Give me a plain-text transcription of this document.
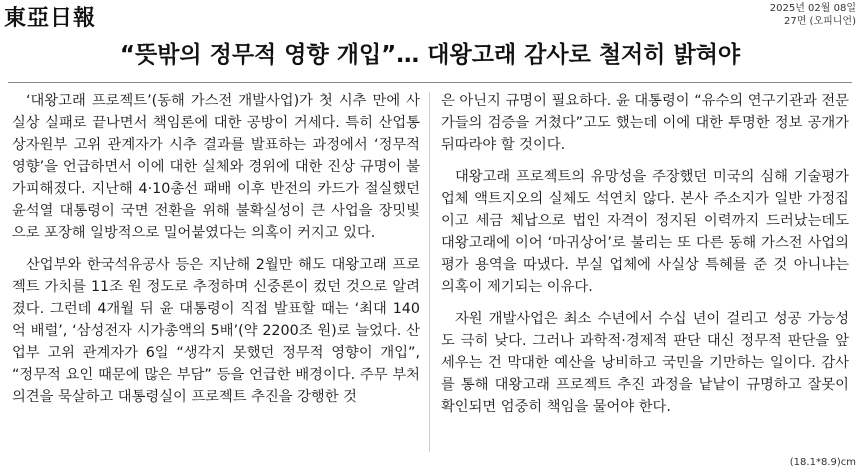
東亞日報	2025년 02월 08일
27면 (오피니언)
“뜻밖의 정무적 영향 개입”… 대왕고래 감사로 철저히 밝혀야

‘대왕고래 프로젝트’(동해 가스전 개발사업)가 첫 시추 만에 사실상 실패로 끝나면서 책임론에 대한 공방이 거세다. 특히 산업통상자원부 고위 관계자가 시추 결과를 발표하는 과정에서 ‘정무적 영향’을 언급하면서 이에 대한 실체와 경위에 대한 진상 규명이 불가피해졌다. 지난해 4·10총선 패배 이후 반전의 카드가 절실했던 윤석열 대통령이 국면 전환을 위해 불확실성이 큰 사업을 장밋빛으로 포장해 일방적으로 밀어붙였다는 의혹이 커지고 있다.

산업부와 한국석유공사 등은 지난해 2월만 해도 대왕고래 프로젝트 가치를 11조 원 정도로 추정하며 신중론이 컸던 것으로 알려졌다. 그런데 4개월 뒤 윤 대통령이 직접 발표할 때는 ‘최대 140억 배럴’, ‘삼성전자 시가총액의 5배’(약 2200조 원)로 늘었다. 산업부 고위 관계자가 6일 “생각지 못했던 정무적 영향이 개입”, “정무적 요인 때문에 많은 부담” 등을 언급한 배경이다. 주무 부처 의견을 묵살하고 대통령실이 프로젝트 추진을 강행한 것

은 아닌지 규명이 필요하다. 윤 대통령이 “유수의 연구기관과 전문가들의 검증을 거쳤다”고도 했는데 이에 대한 투명한 정보 공개가 뒤따라야 할 것이다.

대왕고래 프로젝트의 유망성을 주장했던 미국의 심해 기술평가업체 액트지오의 실체도 석연치 않다. 본사 주소지가 일반 가정집이고 세금 체납으로 법인 자격이 정지된 이력까지 드러났는데도 대왕고래에 이어 ‘마귀상어’로 불리는 또 다른 동해 가스전 사업의 평가 용역을 따냈다. 부실 업체에 사실상 특혜를 준 것 아니냐는 의혹이 제기되는 이유다.

자원 개발사업은 최소 수년에서 수십 년이 걸리고 성공 가능성도 극히 낮다. 그러나 과학적·경제적 판단 대신 정무적 판단을 앞세우는 건 막대한 예산을 낭비하고 국민을 기만하는 일이다. 감사를 통해 대왕고래 프로젝트 추진 과정을 낱낱이 규명하고 잘못이 확인되면 엄중히 책임을 물어야 한다.

(18.1*8.9)cm
